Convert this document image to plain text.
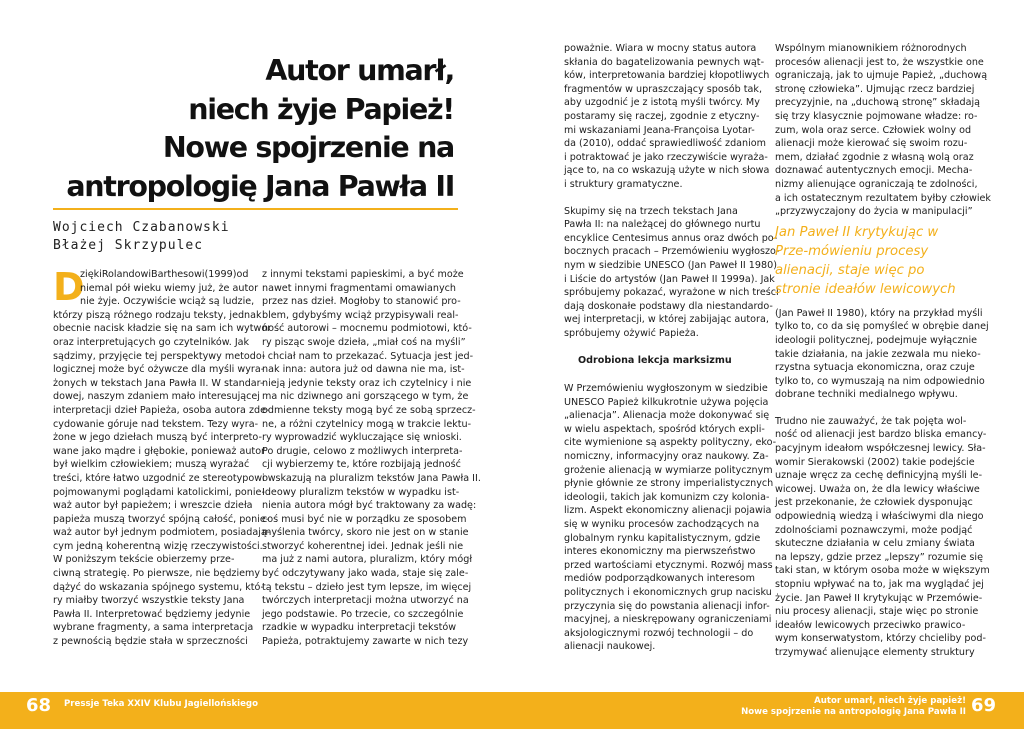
Autor umarł,
niech żyje Papież!
Nowe spojrzenie na
antropologię Jana Pawła II
Wojciech Czabanowski
Błażej Skrzypulec
D
ziękiRolandowiBarthesowi(1999)od
niemal pół wieku wiemy już, że autor
nie żyje. Oczywiście wciąż są ludzie,
którzy piszą różnego rodzaju teksty, jednak
obecnie nacisk kładzie się na sam ich wytwór
oraz interpretujących go czytelników. Jak
sądzimy, przyjęcie tej perspektywy metodo-
logicznej może być ożywcze dla myśli wyra-
żonych w tekstach Jana Pawła II. W standar-
dowej, naszym zdaniem mało interesującej
interpretacji dzieł Papieża, osoba autora zde-
cydowanie góruje nad tekstem. Tezy wyra-
żone w jego dziełach muszą być interpreto-
wane jako mądre i głębokie, ponieważ autor
był wielkim człowiekiem; muszą wyrażać
treści, które łatwo uzgodnić ze stereotypowo
pojmowanymi poglądami katolickimi, ponie-
waż autor był papieżem; i wreszcie dzieła
papieża muszą tworzyć spójną całość, ponie-
waż autor był jednym podmiotem, posiadają-
cym jedną koherentną wizję rzeczywistości.
W poniższym tekście obierzemy prze-
ciwną strategię. Po pierwsze, nie będziemy
dążyć do wskazania spójnego systemu, któ-
ry miałby tworzyć wszystkie teksty Jana
Pawła II. Interpretować będziemy jedynie
wybrane fragmenty, a sama interpretacja
z pewnością będzie stała w sprzeczności
z innymi tekstami papieskimi, a być może
nawet innymi fragmentami omawianych
przez nas dzieł. Mogłoby to stanowić pro-
blem, gdybyśmy wciąż przypisywali real-
ność autorowi – mocnemu podmiotowi, któ-
ry pisząc swoje dzieła, „miał coś na myśli”
i chciał nam to przekazać. Sytuacja jest jed-
nak inna: autora już od dawna nie ma, ist-
nieją jedynie teksty oraz ich czytelnicy i nie
ma nic dziwnego ani gorszącego w tym, że
odmienne teksty mogą być ze sobą sprzecz-
ne, a różni czytelnicy mogą w trakcie lektu-
ry wyprowadzić wykluczające się wnioski.
Po drugie, celowo z możliwych interpreta-
cji wybierzemy te, które rozbijają jedność
i wskazują na pluralizm tekstów Jana Pawła II.
Ideowy pluralizm tekstów w wypadku ist-
nienia autora mógł być traktowany za wadę:
coś musi być nie w porządku ze sposobem
myślenia twórcy, skoro nie jest on w stanie
stworzyć koherentnej idei. Jednak jeśli nie
ma już z nami autora, pluralizm, który mógł
być odczytywany jako wada, staje się zale-
tą tekstu – dzieło jest tym lepsze, im więcej
twórczych interpretacji można utworzyć na
jego podstawie. Po trzecie, co szczególnie
rzadkie w wypadku interpretacji tekstów
Papieża, potraktujemy zawarte w nich tezy
poważnie. Wiara w mocny status autora
skłania do bagatelizowania pewnych wąt-
ków, interpretowania bardziej kłopotliwych
fragmentów w upraszczający sposób tak,
aby uzgodnić je z istotą myśli twórcy. My
postaramy się raczej, zgodnie z etyczny-
mi wskazaniami Jeana-Françoisa Lyotar-
da (2010), oddać sprawiedliwość zdaniom
i potraktować je jako rzeczywiście wyraża-
jące to, na co wskazują użyte w nich słowa
i struktury gramatyczne.
Skupimy się na trzech tekstach Jana
Pawła II: na należącej do głównego nurtu
encyklice Centesimus annus oraz dwóch po-
bocznych pracach – Przemówieniu wygłoszo-
nym w siedzibie UNESCO (Jan Paweł II 1980)
i Liście do artystów (Jan Paweł II 1999a). Jak
spróbujemy pokazać, wyrażone w nich treści
dają doskonałe podstawy dla niestandardo-
wej interpretacji, w której zabijając autora,
spróbujemy ożywić Papieża.
Odrobiona lekcja marksizmu
W Przemówieniu wygłoszonym w siedzibie
UNESCO Papież kilkukrotnie używa pojęcia
„alienacja”. Alienacja może dokonywać się
w wielu aspektach, spośród których expli-
cite wymienione są aspekty polityczny, eko-
nomiczny, informacyjny oraz naukowy. Za-
grożenie alienacją w wymiarze politycznym
płynie głównie ze strony imperialistycznych
ideologii, takich jak komunizm czy kolonia-
lizm. Aspekt ekonomiczny alienacji pojawia
się w wyniku procesów zachodzących na
globalnym rynku kapitalistycznym, gdzie
interes ekonomiczny ma pierwszeństwo
przed wartościami etycznymi. Rozwój mass
mediów podporządkowanych interesom
politycznych i ekonomicznych grup nacisku
przyczynia się do powstania alienacji infor-
macyjnej, a nieskrępowany ograniczeniami
aksjologicznymi rozwój technologii – do
alienacji naukowej.
Wspólnym mianownikiem różnorodnych
procesów alienacji jest to, że wszystkie one
ograniczają, jak to ujmuje Papież, „duchową
stronę człowieka”. Ujmując rzecz bardziej
precyzyjnie, na „duchową stronę” składają
się trzy klasycznie pojmowane władze: ro-
zum, wola oraz serce. Człowiek wolny od
alienacji może kierować się swoim rozu-
mem, działać zgodnie z własną wolą oraz
doznawać autentycznych emocji. Mecha-
nizmy alienujące ograniczają te zdolności,
a ich ostatecznym rezultatem byłby człowiek
„przyzwyczajony do życia w manipulacji”
Jan Paweł II krytykując w Prze-mówieniu procesy alienacji, staje więc po stronie ideałów lewicowych
(Jan Paweł II 1980), który na przykład myśli
tylko to, co da się pomyśleć w obrębie danej
ideologii politycznej, podejmuje wyłącznie
takie działania, na jakie zezwala mu nieko-
rzystna sytuacja ekonomiczna, oraz czuje
tylko to, co wymuszają na nim odpowiednio
dobrane techniki medialnego wpływu.
Trudno nie zauważyć, że tak pojęta wol-
ność od alienacji jest bardzo bliska emancy-
pacyjnym ideałom współczesnej lewicy. Sła-
womir Sierakowski (2002) takie podejście
uznaje wręcz za cechę definicyjną myśli le-
wicowej. Uważa on, że dla lewicy właściwe
jest przekonanie, że człowiek dysponując
odpowiednią wiedzą i właściwymi dla niego
zdolnościami poznawczymi, może podjąć
skuteczne działania w celu zmiany świata
na lepszy, gdzie przez „lepszy” rozumie się
taki stan, w którym osoba może w większym
stopniu wpływać na to, jak ma wyglądać jej
życie. Jan Paweł II krytykując w Przemówie-
niu procesy alienacji, staje więc po stronie
ideałów lewicowych przeciwko prawico-
wym konserwatystom, którzy chcieliby pod-
trzymywać alienujące elementy struktury
68 Pressje Teka XXIV Klubu Jagiellońskiego	Autor umarł, niech żyje papież!
Nowe spojrzenie na antropologię Jana Pawła II 69
